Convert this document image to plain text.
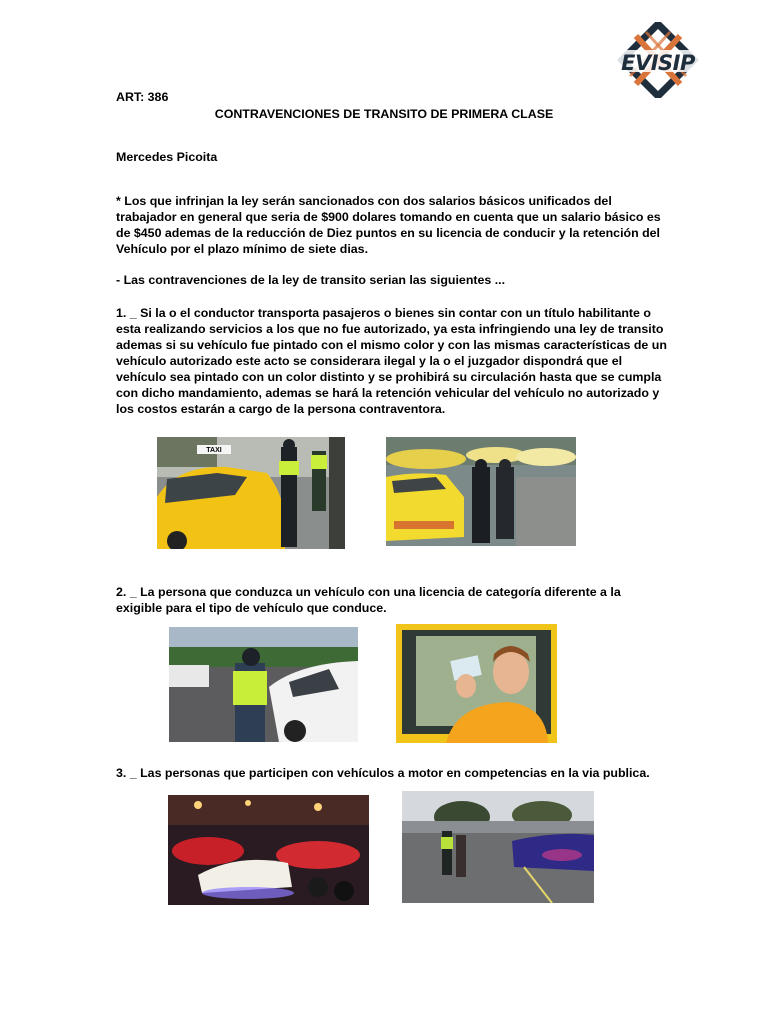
EVISIP
ART: 386
CONTRAVENCIONES DE TRANSITO DE PRIMERA CLASE
Mercedes Picoita
* Los que infrinjan la ley serán sancionados con dos salarios básicos unificados del
trabajador en general que seria de $900 dolares tomando en cuenta que un salario básico es
de $450 ademas de la reducción de Diez puntos en su licencia de conducir y la retención del
Vehículo por el plazo mínimo de siete dias.
- Las contravenciones de la ley de transito serian las siguientes ...
1. _ Si la o el conductor transporta pasajeros o bienes sin contar con un título habilitante o
esta realizando servicios a los que no fue autorizado, ya esta infringiendo una ley de transito
ademas si su vehículo fue pintado con el mismo color y con las mismas características de un
vehículo autorizado este acto se considerara ilegal y la o el juzgador dispondrá que el
vehículo sea pintado con un color distinto y se prohibirá su circulación hasta que se cumpla
con dicho mandamiento, ademas se hará la retención vehicular del vehículo no autorizado y
los costos estarán a cargo de la persona contraventora.
TAXI
2. _ La persona que conduzca un vehículo con una licencia de categoría diferente a la
exigible para el tipo de vehículo que conduce.
3. _ Las personas que participen con vehículos a motor en competencias en la via publica.
